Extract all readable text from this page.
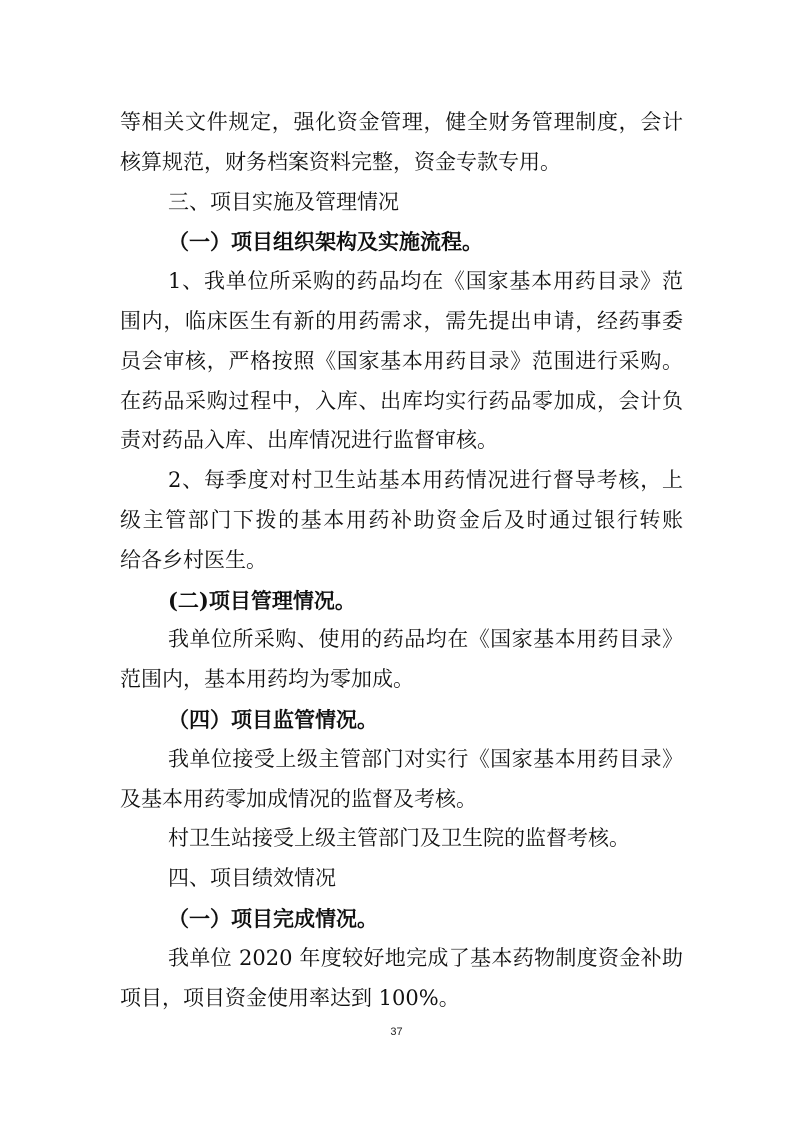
等相关文件规定，强化资金管理，健全财务管理制度，会计
核算规范，财务档案资料完整，资金专款专用。
三、项目实施及管理情况
（一）项目组织架构及实施流程。
1、我单位所采购的药品均在《国家基本用药目录》范
围内，临床医生有新的用药需求，需先提出申请，经药事委
员会审核，严格按照《国家基本用药目录》范围进行采购。
在药品采购过程中，入库、出库均实行药品零加成，会计负
责对药品入库、出库情况进行监督审核。
2、每季度对村卫生站基本用药情况进行督导考核，上
级主管部门下拨的基本用药补助资金后及时通过银行转账
给各乡村医生。
(二)项目管理情况。
我单位所采购、使用的药品均在《国家基本用药目录》
范围内，基本用药均为零加成。
（四）项目监管情况。
我单位接受上级主管部门对实行《国家基本用药目录》
及基本用药零加成情况的监督及考核。
村卫生站接受上级主管部门及卫生院的监督考核。
四、项目绩效情况
（一）项目完成情况。
我单位 2020 年度较好地完成了基本药物制度资金补助
项目，项目资金使用率达到 100%。
37
